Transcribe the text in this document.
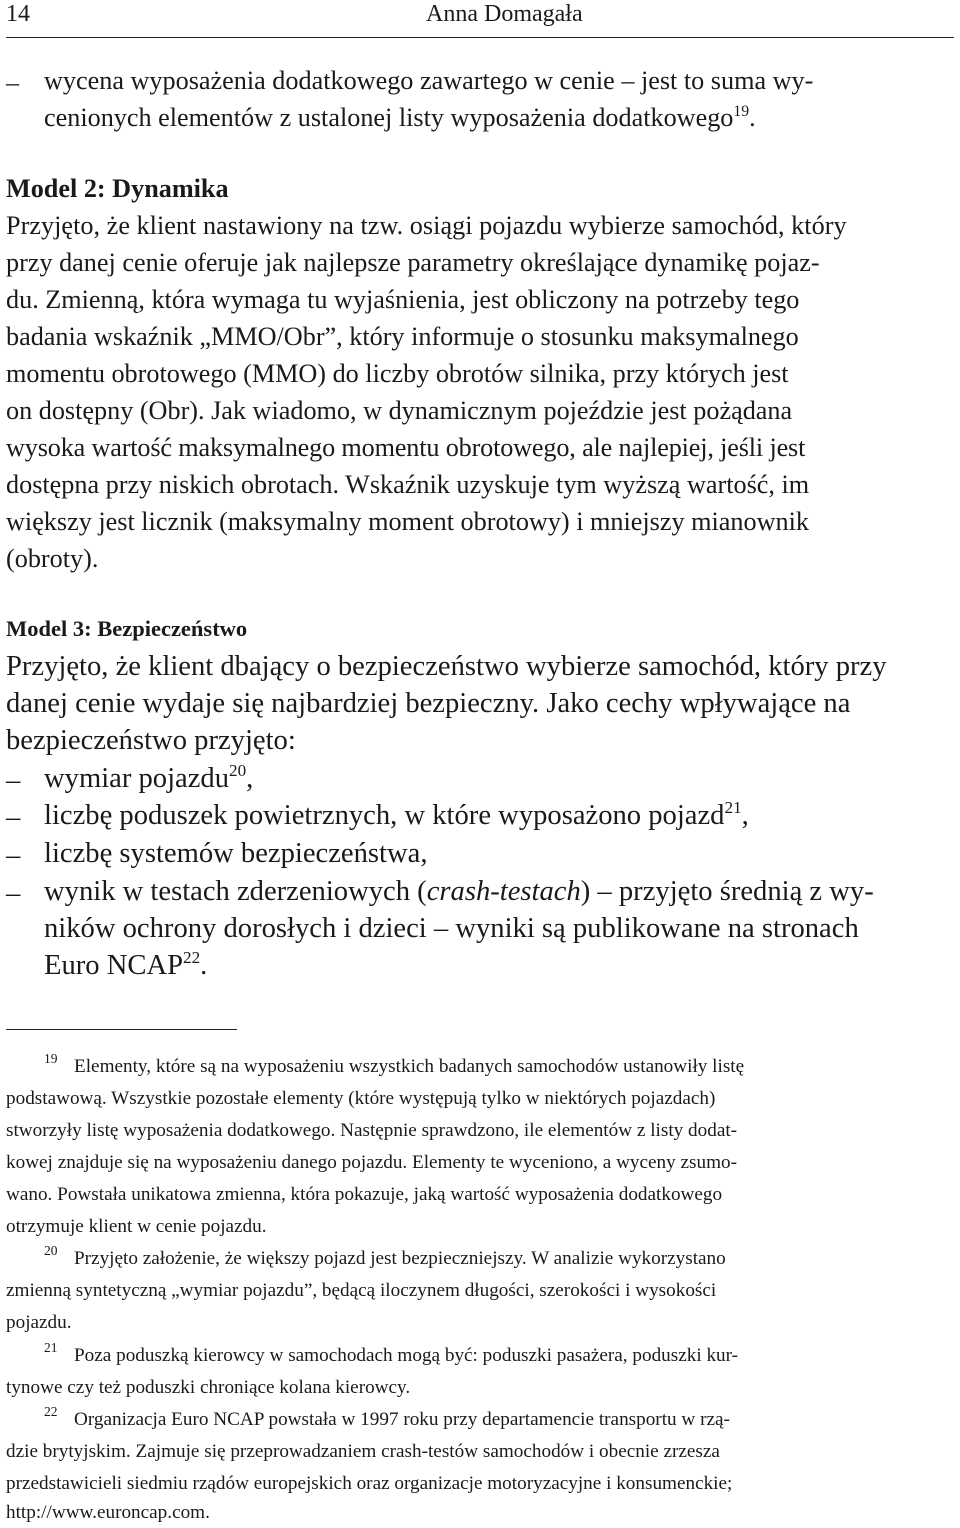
14	Anna Domagała
– wycena wyposażenia dodatkowego zawartego w cenie – jest to suma wy-
cenionych elementów z ustalonej listy wyposażenia dodatkowego$^{19}$.
Model 2: Dynamika
Przyjęto, że klient nastawiony na tzw. osiągi pojazdu wybierze samochód, który
przy danej cenie oferuje jak najlepsze parametry określające dynamikę pojaz-
du. Zmienną, która wymaga tu wyjaśnienia, jest obliczony na potrzeby tego
badania wskaźnik „MMO/Obr”, który informuje o stosunku maksymalnego
momentu obrotowego (MMO) do liczby obrotów silnika, przy których jest
on dostępny (Obr). Jak wiadomo, w dynamicznym pojeździe jest pożądana
wysoka wartość maksymalnego momentu obrotowego, ale najlepiej, jeśli jest
dostępna przy niskich obrotach. Wskaźnik uzyskuje tym wyższą wartość, im
większy jest licznik (maksymalny moment obrotowy) i mniejszy mianownik
(obroty).
Model 3: Bezpieczeństwo
Przyjęto, że klient dbający o bezpieczeństwo wybierze samochód, który przy
danej cenie wydaje się najbardziej bezpieczny. Jako cechy wpływające na
bezpieczeństwo przyjęto:
– wymiar pojazdu$^{20}$,
– liczbę poduszek powietrznych, w które wyposażono pojazd$^{21}$,
– liczbę systemów bezpieczeństwa,
– wynik w testach zderzeniowych (crash-testach) – przyjęto średnią z wy-
ników ochrony dorosłych i dzieci – wyniki są publikowane na stronach
Euro NCAP$^{22}$.
19 Elementy, które są na wyposażeniu wszystkich badanych samochodów ustanowiły listę
podstawową. Wszystkie pozostałe elementy (które występują tylko w niektórych pojazdach)
stworzyły listę wyposażenia dodatkowego. Następnie sprawdzono, ile elementów z listy dodat-
kowej znajduje się na wyposażeniu danego pojazdu. Elementy te wyceniono, a wyceny zsumo-
wano. Powstała unikatowa zmienna, która pokazuje, jaką wartość wyposażenia dodatkowego
otrzymuje klient w cenie pojazdu.
20 Przyjęto założenie, że większy pojazd jest bezpieczniejszy. W analizie wykorzystano
zmienną syntetyczną „wymiar pojazdu”, będącą iloczynem długości, szerokości i wysokości
pojazdu.
21 Poza poduszką kierowcy w samochodach mogą być: poduszki pasażera, poduszki kur-
tynowe czy też poduszki chroniące kolana kierowcy.
22 Organizacja Euro NCAP powstała w 1997 roku przy departamencie transportu w rzą-
dzie brytyjskim. Zajmuje się przeprowadzaniem crash-testów samochodów i obecnie zrzesza
przedstawicieli siedmiu rządów europejskich oraz organizacje motoryzacyjne i konsumenckie;
http://www.euroncap.com.
